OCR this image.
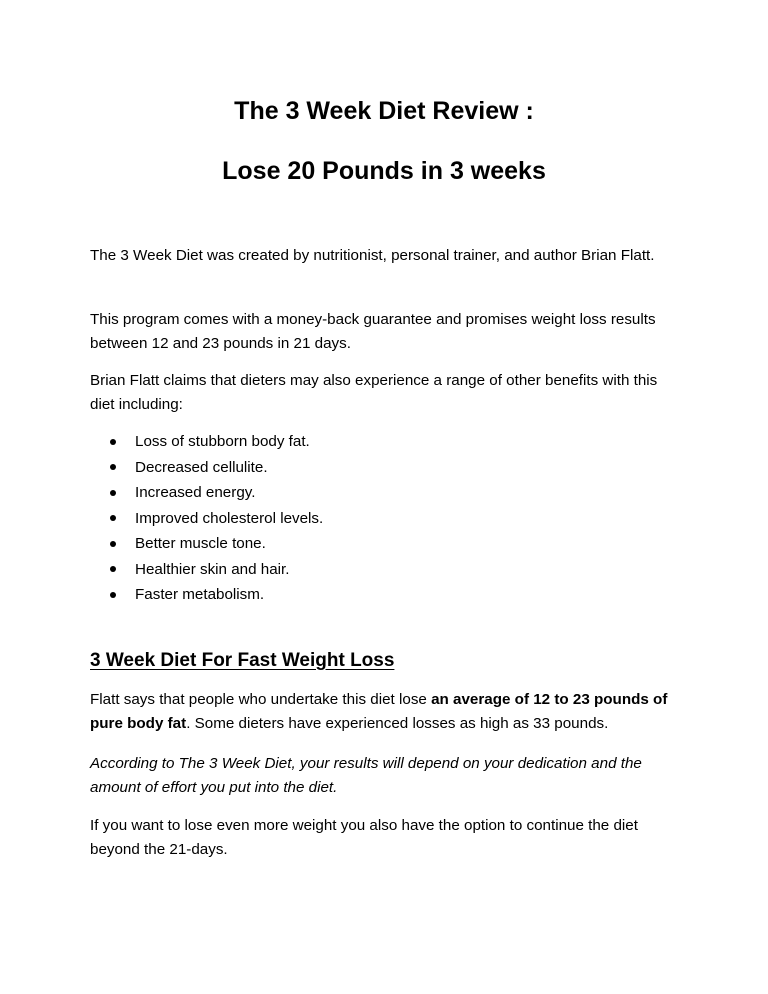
The 3 Week Diet Review :
Lose 20 Pounds in 3 weeks

The 3 Week Diet was created by nutritionist, personal trainer, and author Brian Flatt.

This program comes with a money-back guarantee and promises weight loss results between 12 and 23 pounds in 21 days.

Brian Flatt claims that dieters may also experience a range of other benefits with this diet including:

Loss of stubborn body fat.
Decreased cellulite.
Increased energy.
Improved cholesterol levels.
Better muscle tone.
Healthier skin and hair.
Faster metabolism.
3 Week Diet For Fast Weight Loss

Flatt says that people who undertake this diet lose an average of 12 to 23 pounds of pure body fat. Some dieters have experienced losses as high as 33 pounds.

According to The 3 Week Diet, your results will depend on your dedication and the amount of effort you put into the diet.

If you want to lose even more weight you also have the option to continue the diet beyond the 21-days.
